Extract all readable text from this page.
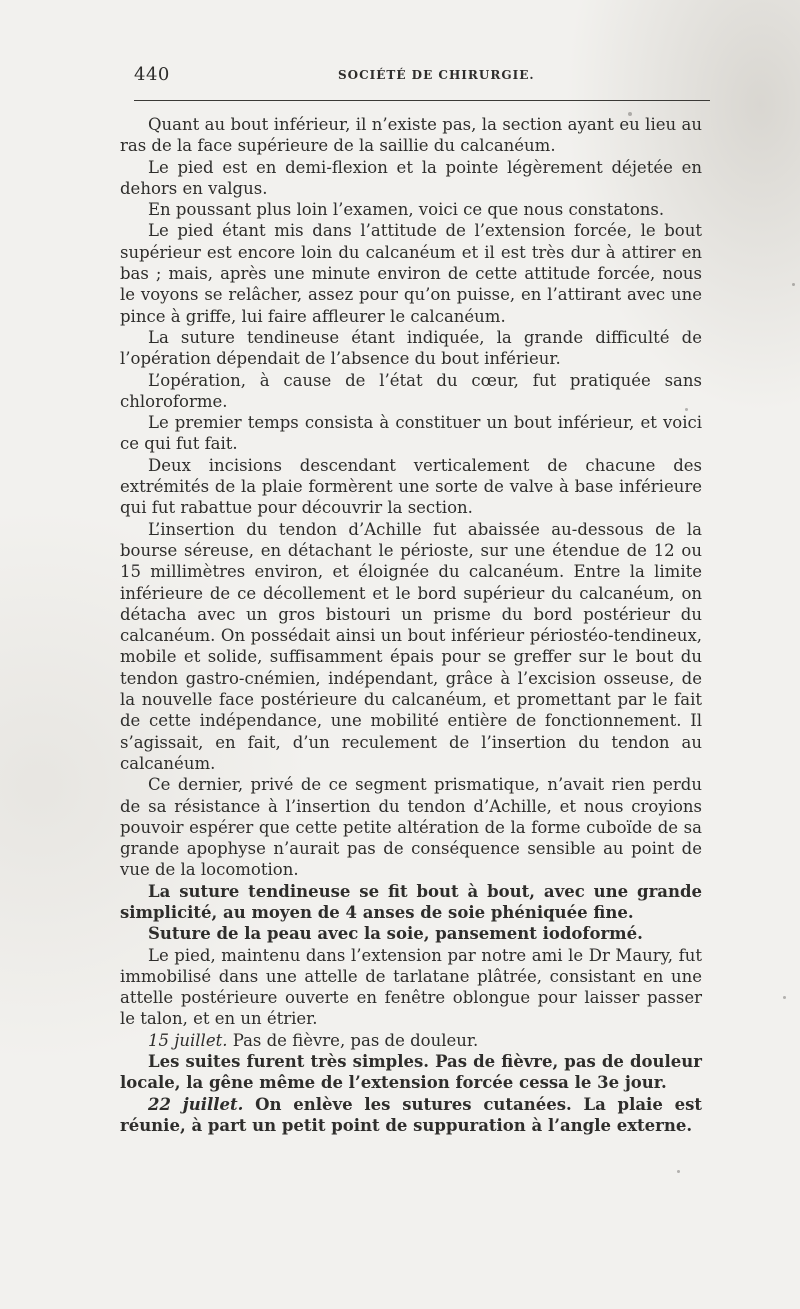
440	SOCIÉTÉ DE CHIRURGIE.

Quant au bout inférieur, il n’existe pas, la section ayant eu lieu au ras de la face supérieure de la saillie du calcanéum.

Le pied est en demi-flexion et la pointe légèrement déjetée en dehors en valgus.

En poussant plus loin l’examen, voici ce que nous constatons.

Le pied étant mis dans l’attitude de l’extension forcée, le bout supérieur est encore loin du calcanéum et il est très dur à attirer en bas ; mais, après une minute environ de cette attitude forcée, nous le voyons se relâcher, assez pour qu’on puisse, en l’attirant avec une pince à griffe, lui faire affleurer le calcanéum.

La suture tendineuse étant indiquée, la grande difficulté de l’opération dépendait de l’absence du bout inférieur.

L’opération, à cause de l’état du cœur, fut pratiquée sans chloroforme.

Le premier temps consista à constituer un bout inférieur, et voici ce qui fut fait.

Deux incisions descendant verticalement de chacune des extrémités de la plaie formèrent une sorte de valve à base inférieure qui fut rabattue pour découvrir la section.

L’insertion du tendon d’Achille fut abaissée au-dessous de la bourse séreuse, en détachant le périoste, sur une étendue de 12 ou 15 millimètres environ, et éloignée du calcanéum. Entre la limite inférieure de ce décollement et le bord supérieur du calcanéum, on détacha avec un gros bistouri un prisme du bord postérieur du calcanéum. On possédait ainsi un bout inférieur périostéo-tendineux, mobile et solide, suffisamment épais pour se greffer sur le bout du tendon gastro-cnémien, indépendant, grâce à l’excision osseuse, de la nouvelle face postérieure du calcanéum, et promettant par le fait de cette indépendance, une mobilité entière de fonctionnement. Il s’agissait, en fait, d’un reculement de l’insertion du tendon au calcanéum.

Ce dernier, privé de ce segment prismatique, n’avait rien perdu de sa résistance à l’insertion du tendon d’Achille, et nous croyions pouvoir espérer que cette petite altération de la forme cuboïde de sa grande apophyse n’aurait pas de conséquence sensible au point de vue de la locomotion.

La suture tendineuse se fit bout à bout, avec une grande simplicité, au moyen de 4 anses de soie phéniquée fine.

Suture de la peau avec la soie, pansement iodoformé.

Le pied, maintenu dans l’extension par notre ami le Dr Maury, fut immobilisé dans une attelle de tarlatane plâtrée, consistant en une attelle postérieure ouverte en fenêtre oblongue pour laisser passer le talon, et en un étrier.

15 juillet. Pas de fièvre, pas de douleur.

Les suites furent très simples. Pas de fièvre, pas de douleur locale, la gêne même de l’extension forcée cessa le 3e jour.

22 juillet. On enlève les sutures cutanées. La plaie est réunie, à part un petit point de suppuration à l’angle externe.
